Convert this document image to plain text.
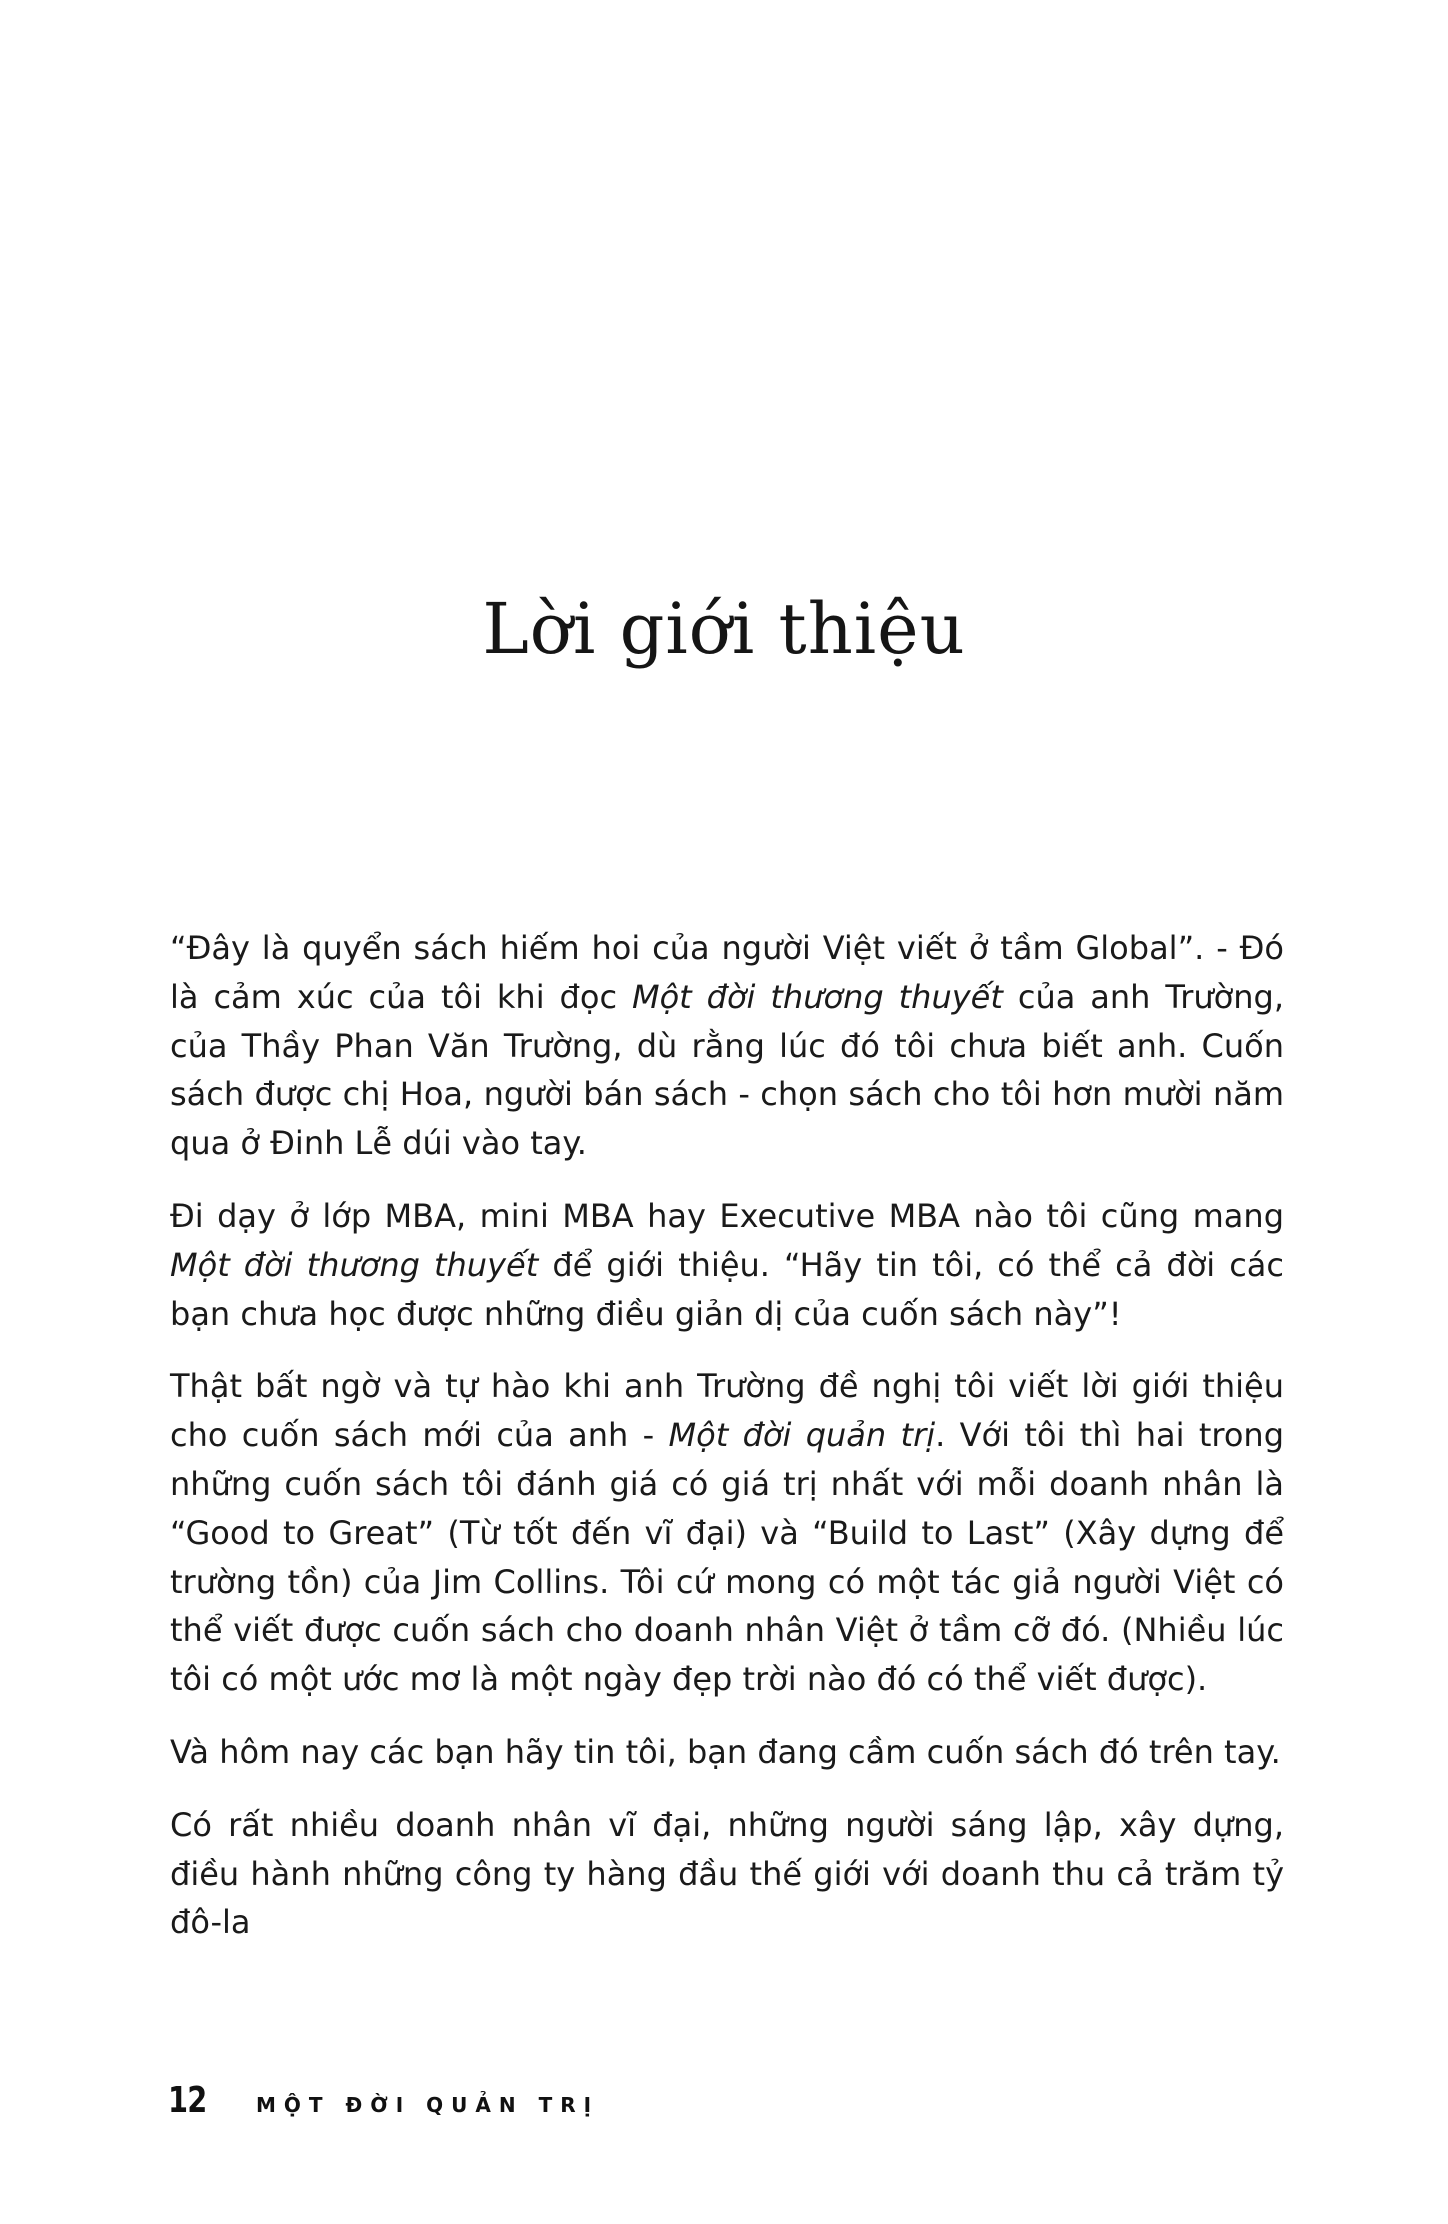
Lời giới thiệu

“Đây là quyển sách hiếm hoi của người Việt viết ở tầm Global”. - Đó là cảm xúc của tôi khi đọc Một đời thương thuyết của anh Trường, của Thầy Phan Văn Trường, dù rằng lúc đó tôi chưa biết anh. Cuốn sách được chị Hoa, người bán sách - chọn sách cho tôi hơn mười năm qua ở Đinh Lễ dúi vào tay.

Đi dạy ở lớp MBA, mini MBA hay Executive MBA nào tôi cũng mang Một đời thương thuyết để giới thiệu. “Hãy tin tôi, có thể cả đời các bạn chưa học được những điều giản dị của cuốn sách này”!

Thật bất ngờ và tự hào khi anh Trường đề nghị tôi viết lời giới thiệu cho cuốn sách mới của anh - Một đời quản trị. Với tôi thì hai trong những cuốn sách tôi đánh giá có giá trị nhất với mỗi doanh nhân là “Good to Great” (Từ tốt đến vĩ đại) và “Build to Last” (Xây dựng để trường tồn) của Jim Collins. Tôi cứ mong có một tác giả người Việt có thể viết được cuốn sách cho doanh nhân Việt ở tầm cỡ đó. (Nhiều lúc tôi có một ước mơ là một ngày đẹp trời nào đó có thể viết được).

Và hôm nay các bạn hãy tin tôi, bạn đang cầm cuốn sách đó trên tay.

Có rất nhiều doanh nhân vĩ đại, những người sáng lập, xây dựng, điều hành những công ty hàng đầu thế giới với doanh thu cả trăm tỷ đô-la

12	MỘT ĐỜI QUẢN TRỊ
